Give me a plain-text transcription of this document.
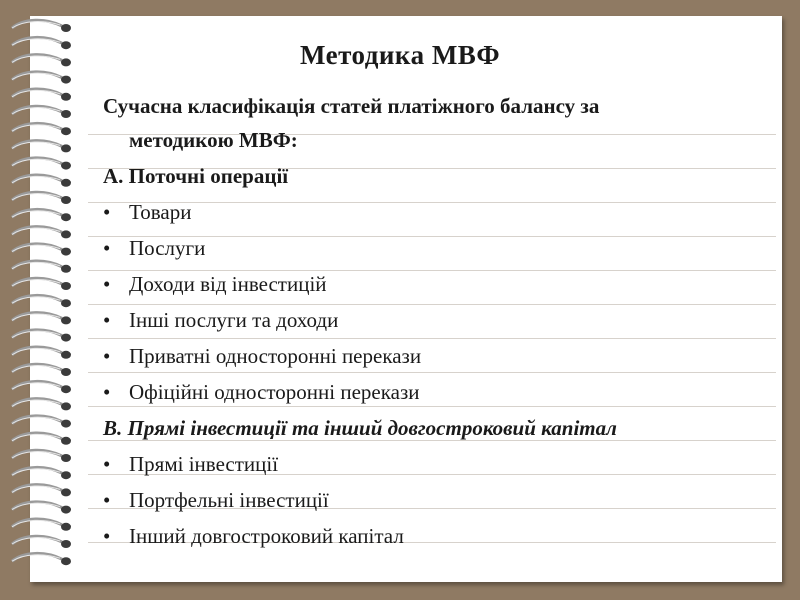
Методика МВФ
Сучасна класифікація статей платіжного балансу за
методикою МВФ:
А. Поточні операції
• Товари
• Послуги
• Доходи від інвестицій
• Інші послуги та доходи
• Приватні односторонні перекази
• Офіційні односторонні перекази
В. Прямі інвестиції та інший довгостроковий капітал
• Прямі інвестиції
• Портфельні інвестиції
• Інший довгостроковий капітал
